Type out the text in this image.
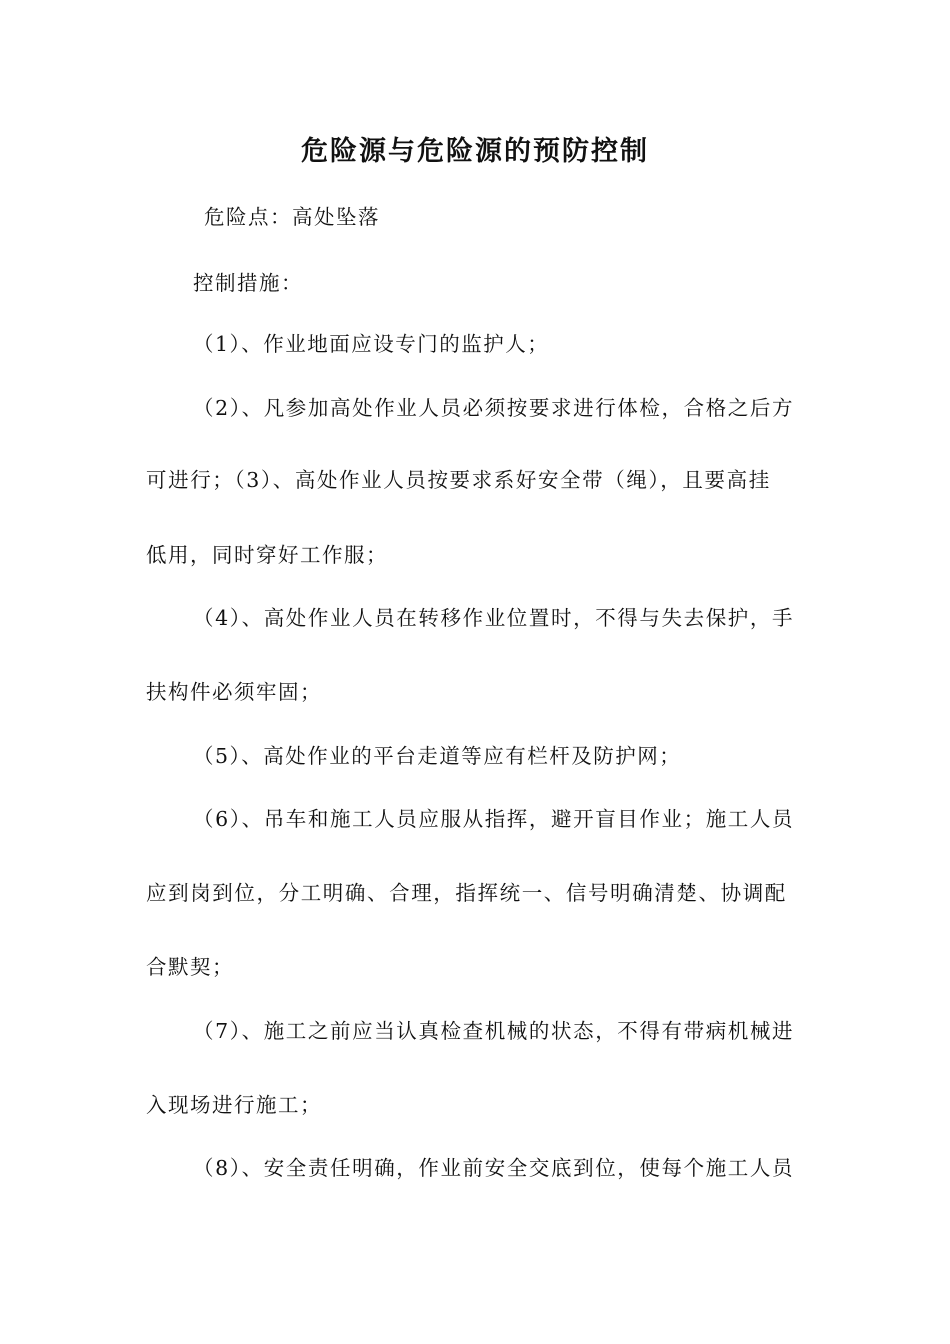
危险源与危险源的预防控制
危险点：高处坠落
控制措施：
（1）、作业地面应设专门的监护人；
（2）、凡参加高处作业人员必须按要求进行体检，合格之后方
可进行；（3）、高处作业人员按要求系好安全带（绳），且要高挂
低用，同时穿好工作服；
（4）、高处作业人员在转移作业位置时，不得与失去保护，手
扶构件必须牢固；
（5）、高处作业的平台走道等应有栏杆及防护网；
（6）、吊车和施工人员应服从指挥，避开盲目作业；施工人员
应到岗到位，分工明确、合理，指挥统一、信号明确清楚、协调配
合默契；
（7）、施工之前应当认真检查机械的状态，不得有带病机械进
入现场进行施工；
（8）、安全责任明确，作业前安全交底到位，使每个施工人员
